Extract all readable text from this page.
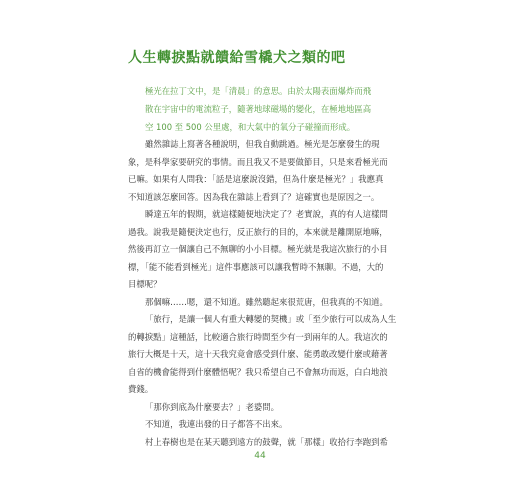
人生轉捩點就饋給雪橇犬之類的吧
極光在拉丁文中，是「清晨」的意思。由於太陽表面爆炸而飛
散在宇宙中的電流粒子，隨著地球磁場的變化，在極地地區高
空 100 至 500 公里處，和大氣中的氧分子碰撞而形成。
雖然雜誌上寫著各種說明，但我自動跳過。極光是怎麼發生的現
象，是科學家要研究的事情。而且我又不是要做節目，只是來看極光而
已嘛。如果有人問我：「話是這麼說沒錯，但為什麼是極光？」我應真
不知道該怎麼回答。因為我在雜誌上看到了？這確實也是原因之一。
瞬達五年的假期，就這樣隨便地決定了？老實說，真的有人這樣問
過我。說我是隨便決定也行，反正旅行的目的，本來就是離開原地嘛，
然後再訂立一個讓自己不無聊的小小目標。極光就是我這次旅行的小目
標，「能不能看到極光」這件事應該可以讓我暫時不無聊。不過，大的
目標呢？
那個嘛……嗯，還不知道。雖然聽起來很荒唐，但我真的不知道。
「旅行，是讓一個人有重大轉變的契機」或「至少旅行可以成為人生
的轉捩點」這種話，比較適合旅行時間至少有一到兩年的人。我這次的
旅行大概是十天，這十天我究竟會感受到什麼、能勇敢改變什麼或藉著
自省的機會能得到什麼體悟呢？我只希望自己不會無功而返，白白地浪
費錢。
「那你到底為什麼要去？」老婆問。
不知道，我連出發的日子都答不出來。
村上春樹也是在某天聽到遠方的鼓聲，就「那樣」收拾行李跑到希
44
